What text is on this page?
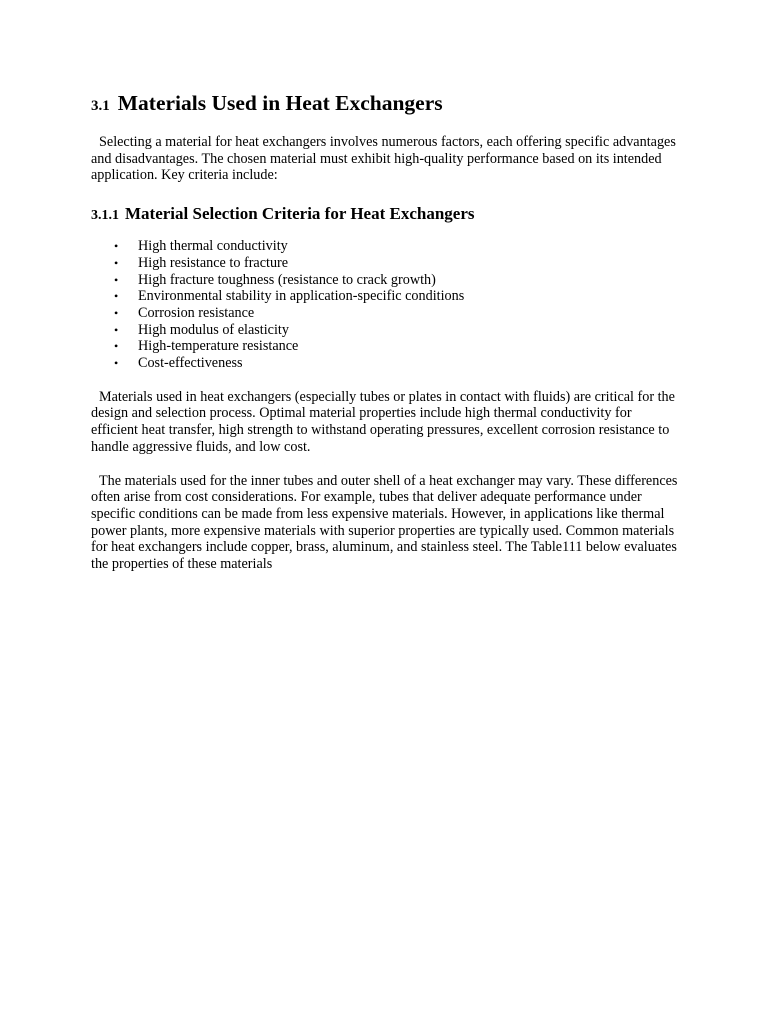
3.1 Materials Used in Heat Exchangers

Selecting a material for heat exchangers involves numerous factors, each offering specific advantages and disadvantages. The chosen material must exhibit high-quality performance based on its intended application. Key criteria include:

3.1.1 Material Selection Criteria for Heat Exchangers
• High thermal conductivity
• High resistance to fracture
• High fracture toughness (resistance to crack growth)
• Environmental stability in application-specific conditions
• Corrosion resistance
• High modulus of elasticity
• High-temperature resistance
• Cost-effectiveness

Materials used in heat exchangers (especially tubes or plates in contact with fluids) are critical for the design and selection process. Optimal material properties include high thermal conductivity for efficient heat transfer, high strength to withstand operating pressures, excellent corrosion resistance to handle aggressive fluids, and low cost.

The materials used for the inner tubes and outer shell of a heat exchanger may vary. These differences often arise from cost considerations. For example, tubes that deliver adequate performance under specific conditions can be made from less expensive materials. However, in applications like thermal power plants, more expensive materials with superior properties are typically used. Common materials for heat exchangers include copper, brass, aluminum, and stainless steel. The Table111 below evaluates the properties of these materials
